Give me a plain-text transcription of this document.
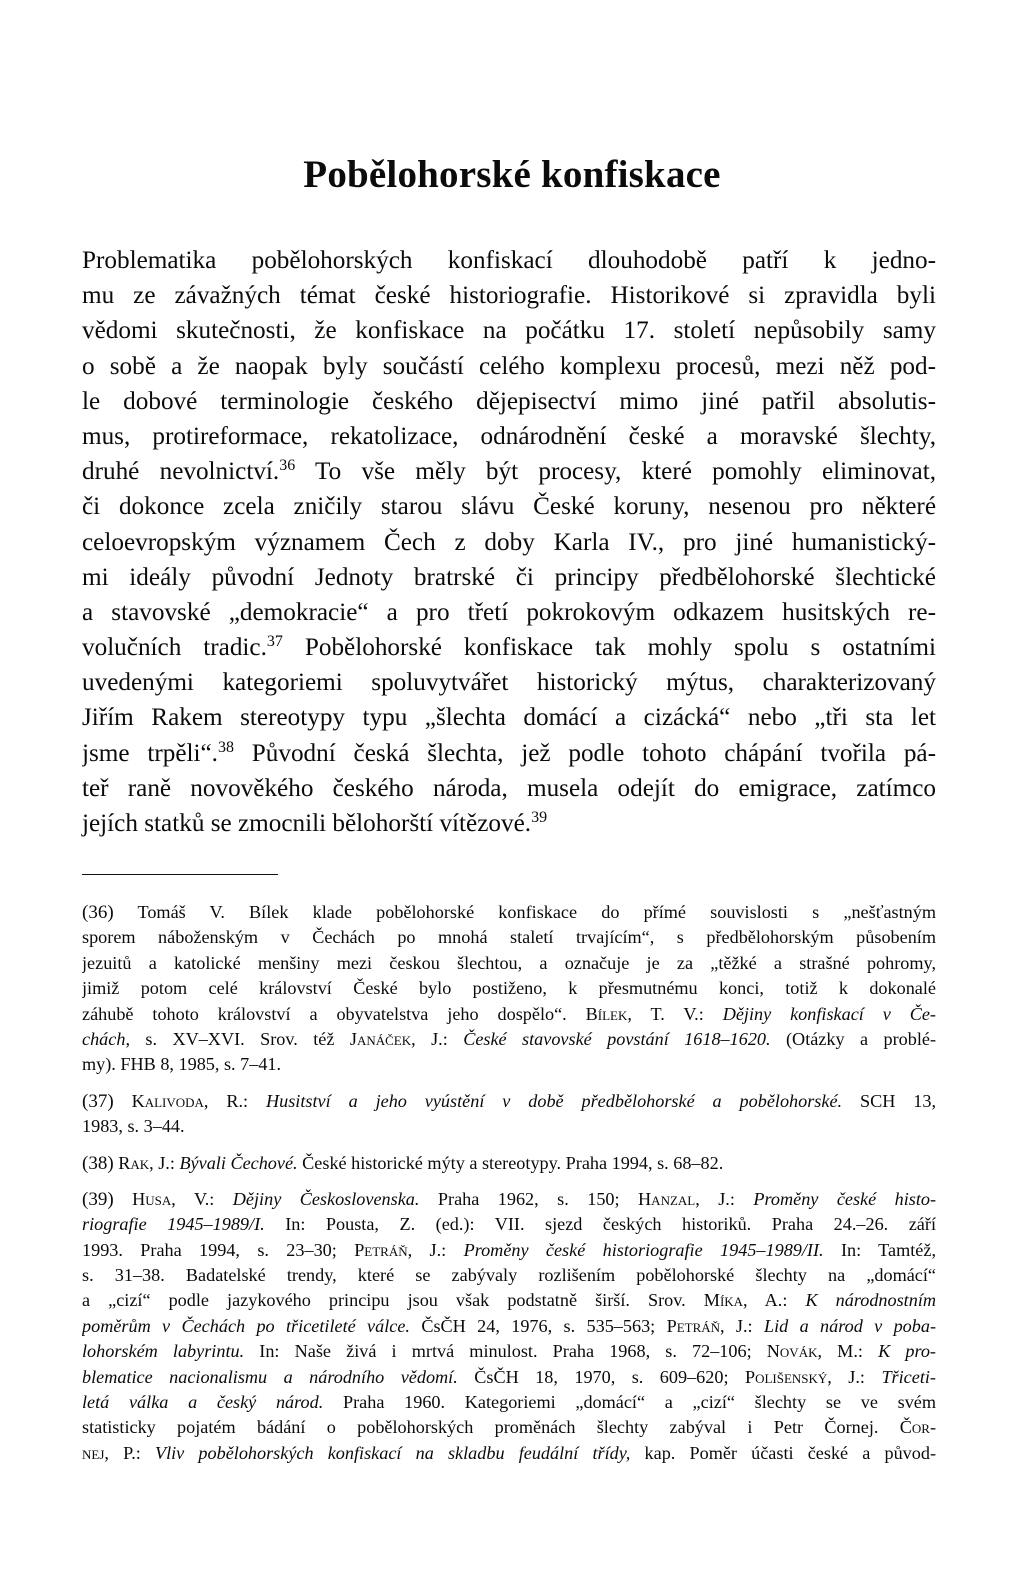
Pobělohorské konfiskace
Problematika pobělohorských konfiskací dlouhodobě patří k jedno-
mu ze závažných témat české historiografie. Historikové si zpravidla byli
vědomi skutečnosti, že konfiskace na počátku 17. století nepůsobily samy
o sobě a že naopak byly součástí celého komplexu procesů, mezi něž pod-
le dobové terminologie českého dějepisectví mimo jiné patřil absolutis-
mus, protireformace, rekatolizace, odnárodnění české a moravské šlechty,
druhé nevolnictví.$^{36}$ To vše měly být procesy, které pomohly eliminovat,
či dokonce zcela zničily starou slávu České koruny, nesenou pro některé
celoevropským významem Čech z doby Karla IV., pro jiné humanistický-
mi ideály původní Jednoty bratrské či principy předbělohorské šlechtické
a stavovské „demokracie“ a pro třetí pokrokovým odkazem husitských re-
volučních tradic.$^{37}$ Pobělohorské konfiskace tak mohly spolu s ostatními
uvedenými kategoriemi spoluvytvářet historický mýtus, charakterizovaný
Jiřím Rakem stereotypy typu „šlechta domácí a cizácká“ nebo „tři sta let
jsme trpěli“.$^{38}$ Původní česká šlechta, jež podle tohoto chápání tvořila pá-
teř raně novověkého českého národa, musela odejít do emigrace, zatímco
jejích statků se zmocnili bělohorští vítězové.$^{39}$
(36) Tomáš V. Bílek klade pobělohorské konfiskace do přímé souvislosti s „nešťastným
sporem náboženským v Čechách po mnohá staletí trvajícím“, s předbělohorským působením
jezuitů a katolické menšiny mezi českou šlechtou, a označuje je za „těžké a strašné pohromy,
jimiž potom celé království České bylo postiženo, k přesmutnému konci, totiž k dokonalé
záhubě tohoto království a obyvatelstva jeho dospělo“. Bílek, T. V.: Dějiny konfiskací v Če-
chách, s. XV–XVI. Srov. též Janáček, J.: České stavovské povstání 1618–1620. (Otázky a problé-
my). FHB 8, 1985, s. 7–41.
(37) Kalivoda, R.: Husitství a jeho vyústění v době předbělohorské a pobělohorské. SCH 13,
1983, s. 3–44.
(38) Rak, J.: Bývali Čechové. České historické mýty a stereotypy. Praha 1994, s. 68–82.
(39) Husa, V.: Dějiny Československa. Praha 1962, s. 150; Hanzal, J.: Proměny české histo-
riografie 1945–1989/I. In: Pousta, Z. (ed.): VII. sjezd českých historiků. Praha 24.–26. září
1993. Praha 1994, s. 23–30; Petráň, J.: Proměny české historiografie 1945–1989/II. In: Tamtéž,
s. 31–38. Badatelské trendy, které se zabývaly rozlišením pobělohorské šlechty na „domácí“
a „cizí“ podle jazykového principu jsou však podstatně širší. Srov. Míka, A.: K národnostním
poměrům v Čechách po třicetileté válce. ČsČH 24, 1976, s. 535–563; Petráň, J.: Lid a národ v poba-
lohorském labyrintu. In: Naše živá i mrtvá minulost. Praha 1968, s. 72–106; Novák, M.: K pro-
blematice nacionalismu a národního vědomí. ČsČH 18, 1970, s. 609–620; Polišenský, J.: Třiceti-
letá válka a český národ. Praha 1960. Kategoriemi „domácí“ a „cizí“ šlechty se ve svém
statisticky pojatém bádání o pobělohorských proměnách šlechty zabýval i Petr Čornej. Čor-
nej, P.: Vliv pobělohorských konfiskací na skladbu feudální třídy, kap. Poměr účasti české a původ-
